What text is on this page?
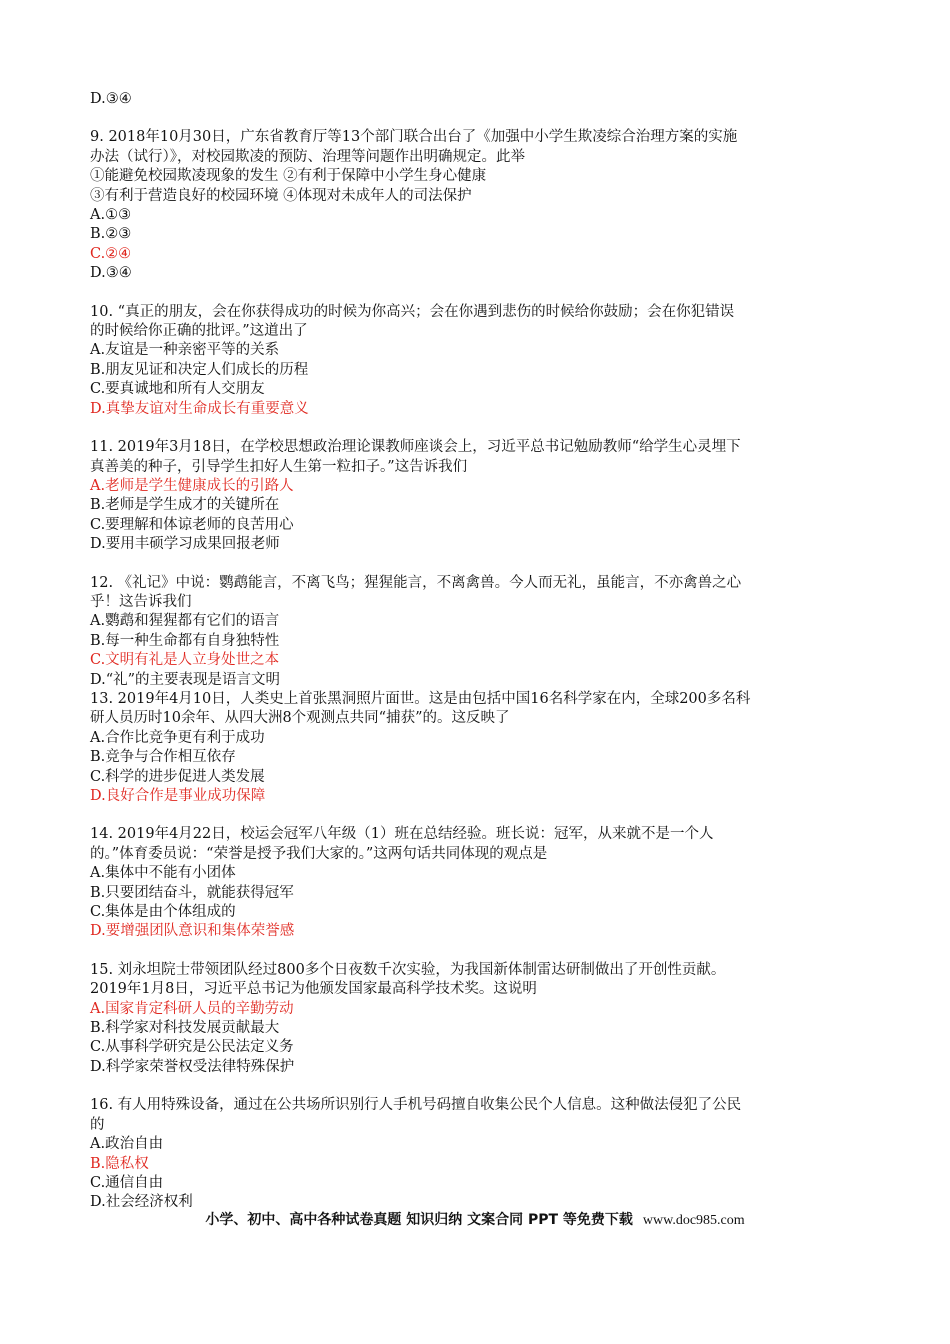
D.③④
9. 2018年10月30日，广东省教育厅等13个部门联合出台了《加强中小学生欺凌综合治理方案的实施
办法（试行）》，对校园欺凌的预防、治理等问题作出明确规定。此举
①能避免校园欺凌现象的发生 ②有利于保障中小学生身心健康
③有利于营造良好的校园环境 ④体现对未成年人的司法保护
A.①③
B.②③
C.②④
D.③④
10. “真正的朋友，会在你获得成功的时候为你高兴；会在你遇到悲伤的时候给你鼓励；会在你犯错误
的时候给你正确的批评。”这道出了
A.友谊是一种亲密平等的关系
B.朋友见证和决定人们成长的历程
C.要真诚地和所有人交朋友
D.真挚友谊对生命成长有重要意义
11. 2019年3月18日，在学校思想政治理论课教师座谈会上，习近平总书记勉励教师“给学生心灵埋下
真善美的种子，引导学生扣好人生第一粒扣子。”这告诉我们
A.老师是学生健康成长的引路人
B.老师是学生成才的关键所在
C.要理解和体谅老师的良苦用心
D.要用丰硕学习成果回报老师
12. 《礼记》中说：鹦鹉能言，不离飞鸟；猩猩能言，不离禽兽。今人而无礼，虽能言，不亦禽兽之心
乎！这告诉我们
A.鹦鹉和猩猩都有它们的语言
B.每一种生命都有自身独特性
C.文明有礼是人立身处世之本
D.“礼”的主要表现是语言文明
13. 2019年4月10日，人类史上首张黑洞照片面世。这是由包括中国16名科学家在内，全球200多名科
研人员历时10余年、从四大洲8个观测点共同“捕获”的。这反映了
A.合作比竞争更有利于成功
B.竞争与合作相互依存
C.科学的进步促进人类发展
D.良好合作是事业成功保障
14. 2019年4月22日，校运会冠军八年级（1）班在总结经验。班长说：冠军，从来就不是一个人
的。”体育委员说：“荣誉是授予我们大家的。”这两句话共同体现的观点是
A.集体中不能有小团体
B.只要团结奋斗，就能获得冠军
C.集体是由个体组成的
D.要增强团队意识和集体荣誉感
15. 刘永坦院士带领团队经过800多个日夜数千次实验，为我国新体制雷达研制做出了开创性贡献。
2019年1月8日，习近平总书记为他颁发国家最高科学技术奖。这说明
A.国家肯定科研人员的辛勤劳动
B.科学家对科技发展贡献最大
C.从事科学研究是公民法定义务
D.科学家荣誉权受法律特殊保护
16. 有人用特殊设备，通过在公共场所识别行人手机号码擅自收集公民个人信息。这种做法侵犯了公民
的
A.政治自由
B.隐私权
C.通信自由
D.社会经济权利
小学、初中、高中各种试卷真题 知识归纳 文案合同 PPT 等免费下载 www.doc985.com
